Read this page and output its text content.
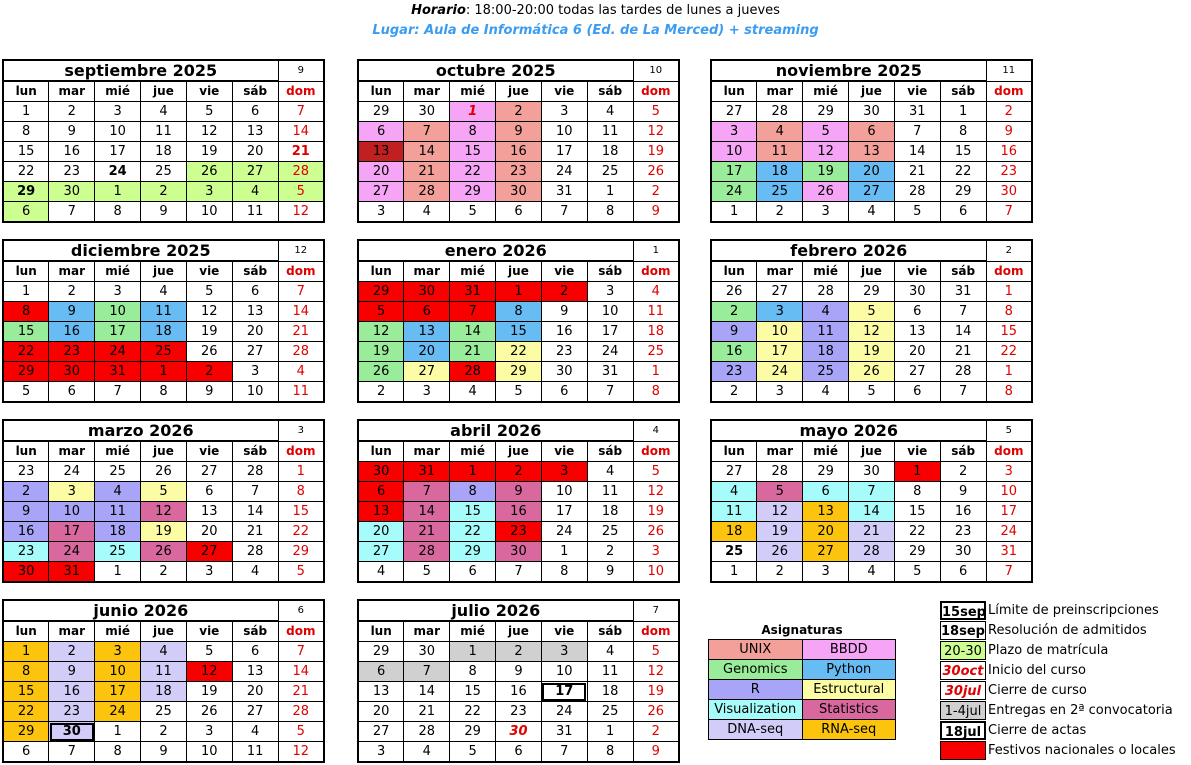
Horario: 18:00-20:00 todas las tardes de lunes a jueves
Lugar: Aula de Informática 6 (Ed. de La Merced) + streaming
septiembre 2025						9
lun	mar	mié	jue	vie	sáb	dom
1	2	3	4	5	6	7
8	9	10	11	12	13	14
15	16	17	18	19	20	21
22	23	24	25	26	27	28
29	30	1	2	3	4	5
6	7	8	9	10	11	12
octubre 2025						10
lun	mar	mié	jue	vie	sáb	dom
29	30	1	2	3	4	5
6	7	8	9	10	11	12
13	14	15	16	17	18	19
20	21	22	23	24	25	26
27	28	29	30	31	1	2
3	4	5	6	7	8	9
noviembre 2025						11
lun	mar	mié	jue	vie	sáb	dom
27	28	29	30	31	1	2
3	4	5	6	7	8	9
10	11	12	13	14	15	16
17	18	19	20	21	22	23
24	25	26	27	28	29	30
1	2	3	4	5	6	7
diciembre 2025						12
lun	mar	mié	jue	vie	sáb	dom
1	2	3	4	5	6	7
8	9	10	11	12	13	14
15	16	17	18	19	20	21
22	23	24	25	26	27	28
29	30	31	1	2	3	4
5	6	7	8	9	10	11
enero 2026						1
lun	mar	mié	jue	vie	sáb	dom
29	30	31	1	2	3	4
5	6	7	8	9	10	11
12	13	14	15	16	17	18
19	20	21	22	23	24	25
26	27	28	29	30	31	1
2	3	4	5	6	7	8
febrero 2026						2
lun	mar	mié	jue	vie	sáb	dom
26	27	28	29	30	31	1
2	3	4	5	6	7	8
9	10	11	12	13	14	15
16	17	18	19	20	21	22
23	24	25	26	27	28	1
2	3	4	5	6	7	8
marzo 2026						3
lun	mar	mié	jue	vie	sáb	dom
23	24	25	26	27	28	1
2	3	4	5	6	7	8
9	10	11	12	13	14	15
16	17	18	19	20	21	22
23	24	25	26	27	28	29
30	31	1	2	3	4	5
abril 2026						4
lun	mar	mié	jue	vie	sáb	dom
30	31	1	2	3	4	5
6	7	8	9	10	11	12
13	14	15	16	17	18	19
20	21	22	23	24	25	26
27	28	29	30	1	2	3
4	5	6	7	8	9	10
mayo 2026						5
lun	mar	mié	jue	vie	sáb	dom
27	28	29	30	1	2	3
4	5	6	7	8	9	10
11	12	13	14	15	16	17
18	19	20	21	22	23	24
25	26	27	28	29	30	31
1	2	3	4	5	6	7
junio 2026						6
lun	mar	mié	jue	vie	sáb	dom
1	2	3	4	5	6	7
8	9	10	11	12	13	14
15	16	17	18	19	20	21
22	23	24	25	26	27	28
29	30	1	2	3	4	5
6	7	8	9	10	11	12
julio 2026						7
lun	mar	mié	jue	vie	sáb	dom
29	30	1	2	3	4	5
6	7	8	9	10	11	12
13	14	15	16	17	18	19
20	21	22	23	24	25	26
27	28	29	30	31	1	2
3	4	5	6	7	8	9
Asignaturas
UNIX	BBDD
Genomics	Python
R	Estructural
Visualization	Statistics
DNA-seq	RNA-seq
15sep Límite de preinscripciones
18sep Resolución de admitidos
20-30 Plazo de matrícula
30oct Inicio del curso
30jul Cierre de curso
1-4jul Entregas en 2ª convocatoria
18jul Cierre de actas
Festivos nacionales o locales
